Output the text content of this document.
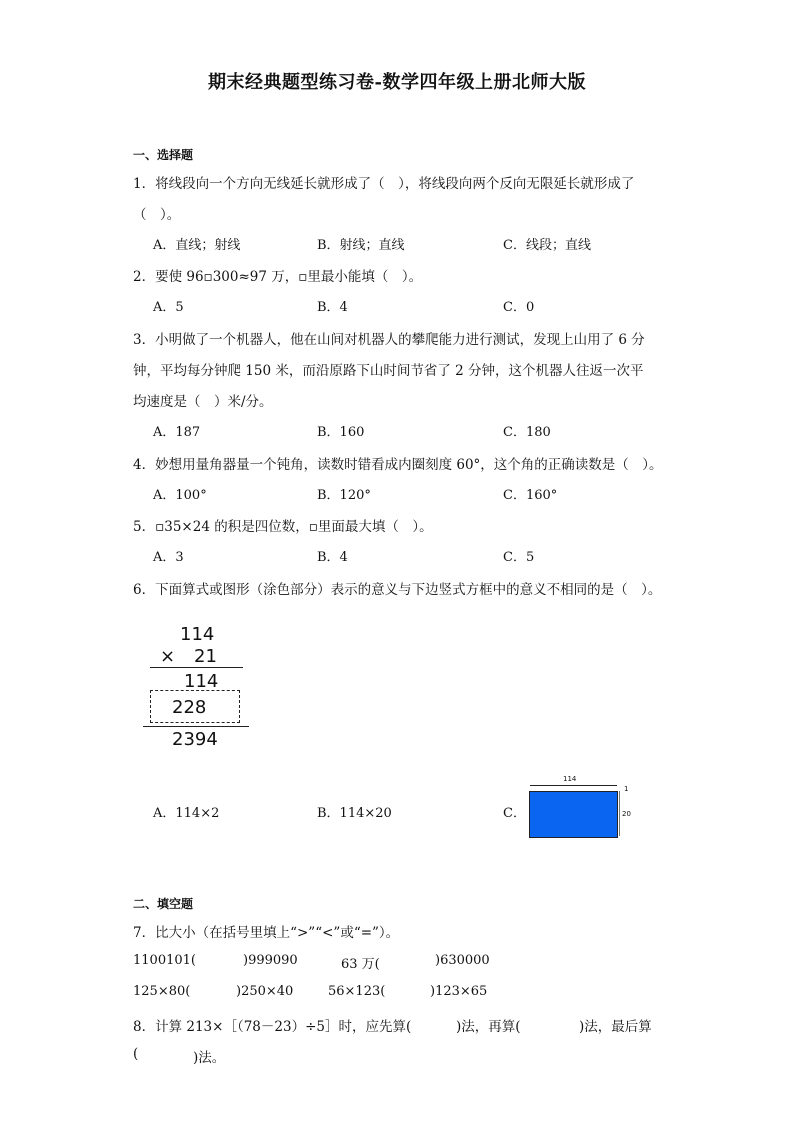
期末经典题型练习卷-数学四年级上册北师大版
一、选择题
1．将线段向一个方向无线延长就形成了（　），将线段向两个反向无限延长就形成了
（　）。
A．直线；射线	B．射线；直线	C．线段；直线
2．要使 96▫300≈97 万，▫里最小能填（　）。
A．5	B．4	C．0
3．小明做了一个机器人，他在山间对机器人的攀爬能力进行测试，发现上山用了 6 分
钟，平均每分钟爬 150 米，而沿原路下山时间节省了 2 分钟，这个机器人往返一次平
均速度是（　）米/分。
A．187	B．160	C．180
4．妙想用量角器量一个钝角，读数时错看成内圈刻度 60°，这个角的正确读数是（　）。
A．100°	B．120°	C．160°
5．▫35×24 的积是四位数，▫里面最大填（　）。
A．3	B．4	C．5
6．下面算式或图形（涂色部分）表示的意义与下边竖式方框中的意义不相同的是（　）。
114
× 21
114
228
2394
A．114×2	B．114×20	C．
114
1
20
二、填空题
7．比大小（在括号里填上“>”“<”或“=”）。
1100101(	)999090	63 万(	)630000
125×80(	)250×40	56×123(	)123×65
8．计算 213×［（78－23）÷5］时，应先算(	)法，再算(	)法，最后算
(	)法。
